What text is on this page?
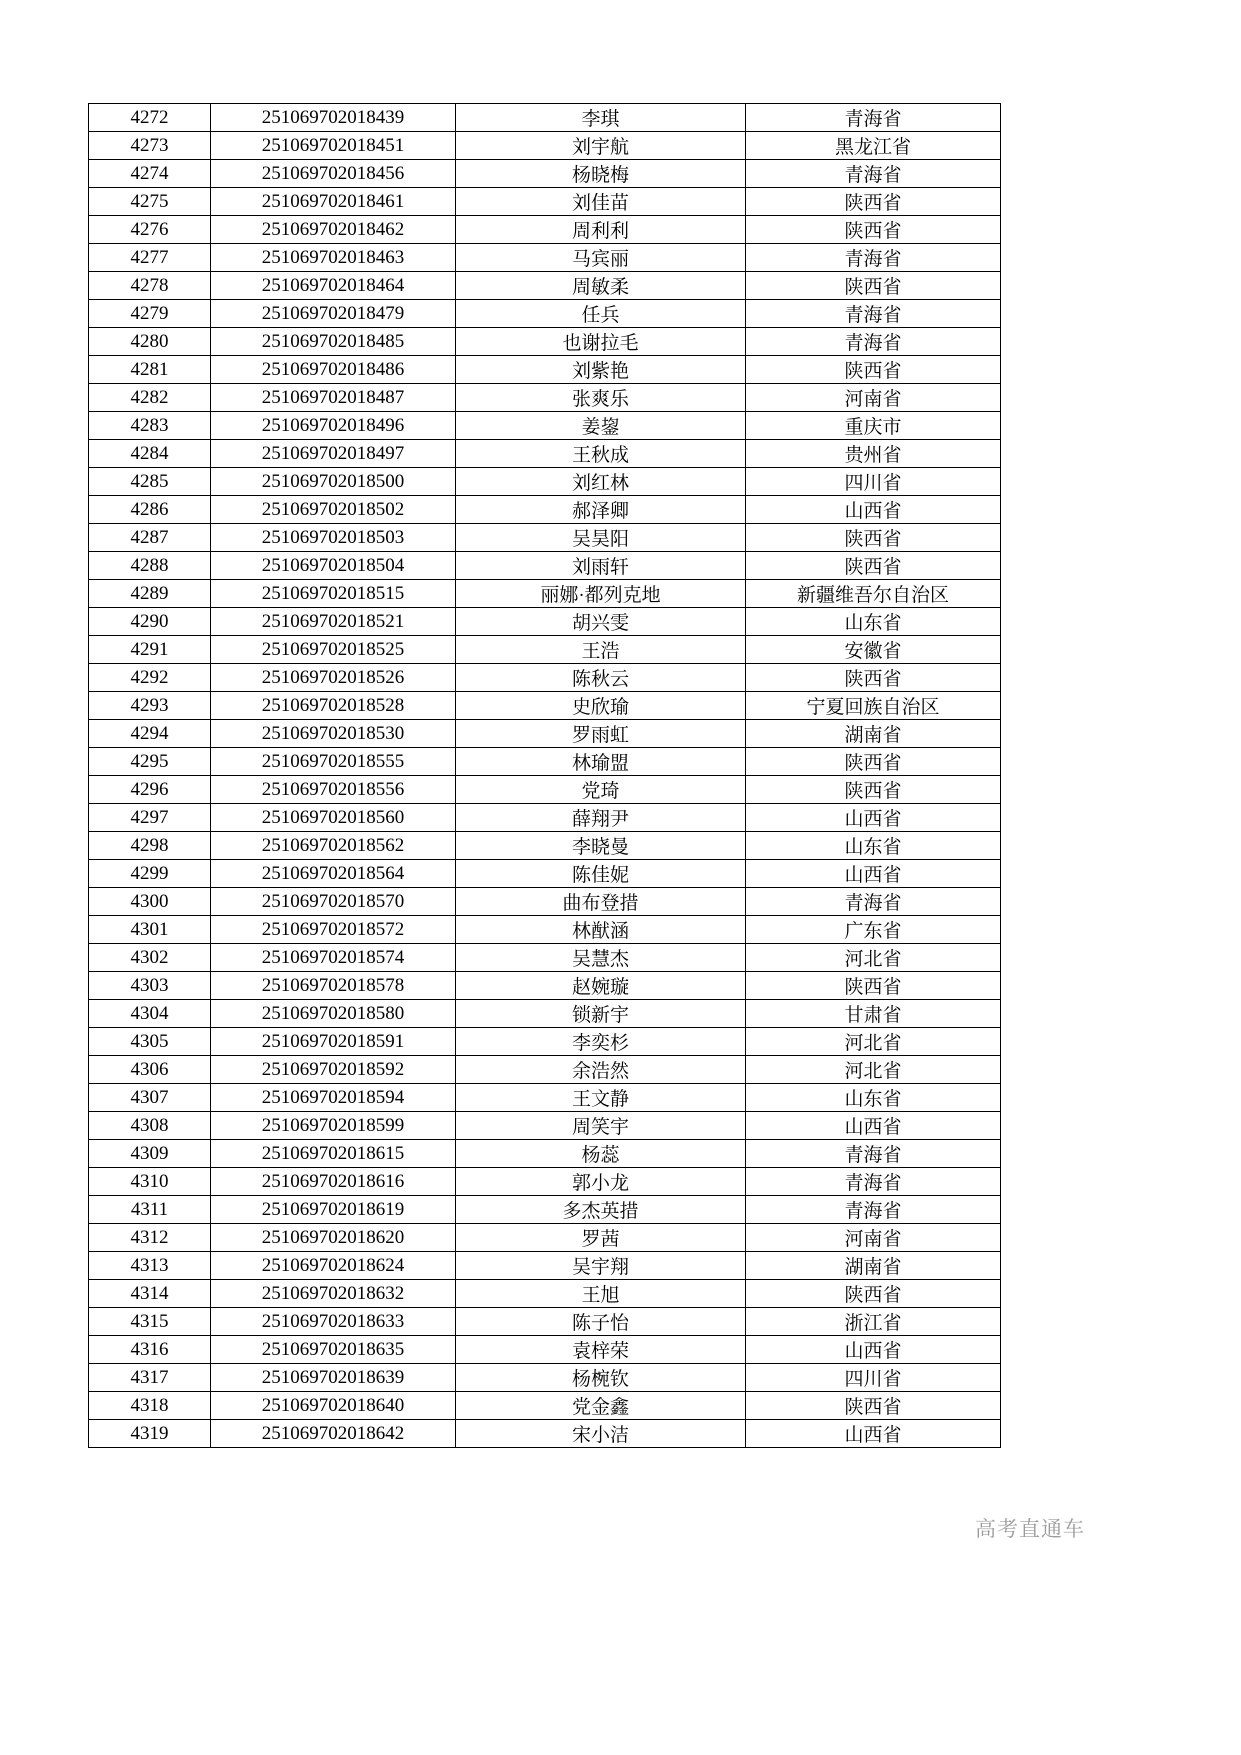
4272	251069702018439	李琪	青海省
4273	251069702018451	刘宇航	黑龙江省
4274	251069702018456	杨晓梅	青海省
4275	251069702018461	刘佳苗	陕西省
4276	251069702018462	周利利	陕西省
4277	251069702018463	马宾丽	青海省
4278	251069702018464	周敏柔	陕西省
4279	251069702018479	任兵	青海省
4280	251069702018485	也谢拉毛	青海省
4281	251069702018486	刘紫艳	陕西省
4282	251069702018487	张爽乐	河南省
4283	251069702018496	姜鋆	重庆市
4284	251069702018497	王秋成	贵州省
4285	251069702018500	刘红林	四川省
4286	251069702018502	郝泽卿	山西省
4287	251069702018503	吴昊阳	陕西省
4288	251069702018504	刘雨轩	陕西省
4289	251069702018515	丽娜·都列克地	新疆维吾尔自治区
4290	251069702018521	胡兴雯	山东省
4291	251069702018525	王浩	安徽省
4292	251069702018526	陈秋云	陕西省
4293	251069702018528	史欣瑜	宁夏回族自治区
4294	251069702018530	罗雨虹	湖南省
4295	251069702018555	林瑜盟	陕西省
4296	251069702018556	党琦	陕西省
4297	251069702018560	薛翔尹	山西省
4298	251069702018562	李晓曼	山东省
4299	251069702018564	陈佳妮	山西省
4300	251069702018570	曲布登措	青海省
4301	251069702018572	林猷涵	广东省
4302	251069702018574	吴慧杰	河北省
4303	251069702018578	赵婉璇	陕西省
4304	251069702018580	锁新宇	甘肃省
4305	251069702018591	李奕杉	河北省
4306	251069702018592	余浩然	河北省
4307	251069702018594	王文静	山东省
4308	251069702018599	周笑宇	山西省
4309	251069702018615	杨蕊	青海省
4310	251069702018616	郭小龙	青海省
4311	251069702018619	多杰英措	青海省
4312	251069702018620	罗茜	河南省
4313	251069702018624	吴宇翔	湖南省
4314	251069702018632	王旭	陕西省
4315	251069702018633	陈子怡	浙江省
4316	251069702018635	袁梓荣	山西省
4317	251069702018639	杨椀钦	四川省
4318	251069702018640	党金鑫	陕西省
4319	251069702018642	宋小洁	山西省
高考直通车
